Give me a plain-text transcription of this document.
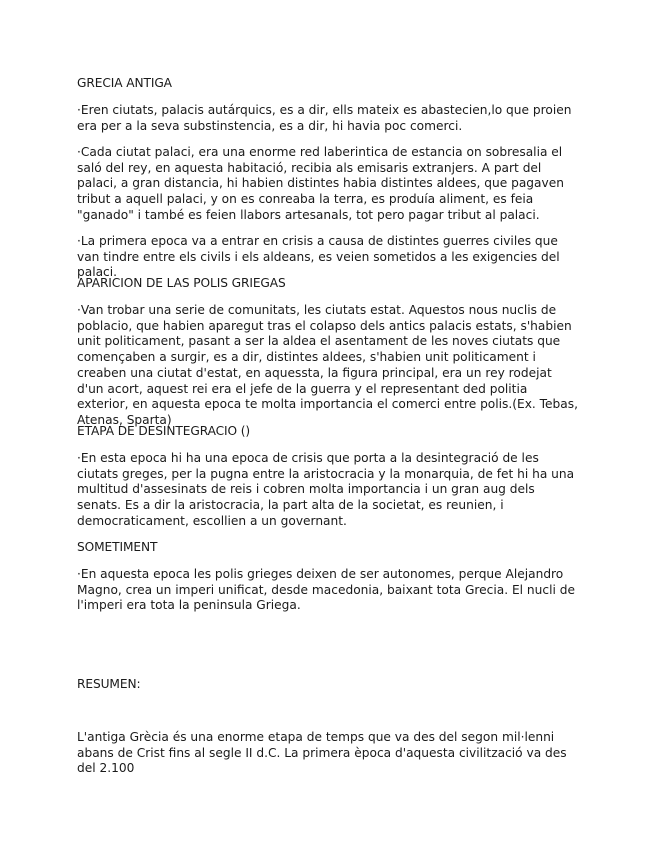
GRECIA ANTIGA

·Eren ciutats, palacis autárquics, es a dir, ells mateix es abastecien,lo que proien era per a la seva substinstencia, es a dir, hi havia poc comerci.

·Cada ciutat palaci, era una enorme red laberintica de estancia on sobresalia el saló del rey, en aquesta habitació, recibia als emisaris extranjers. A part del palaci, a gran distancia, hi habien distintes habia distintes aldees, que pagaven tribut a aquell palaci, y on es conreaba la terra, es produía aliment, es feia "ganado" i també es feien llabors artesanals, tot pero pagar tribut al palaci.

·La primera epoca va a entrar en crisis a causa de distintes guerres civiles que van tindre entre els civils i els aldeans, es veien sometidos a les exigencies del palaci.

APARICION DE LAS POLIS GRIEGAS

·Van trobar una serie de comunitats, les ciutats estat. Aquestos nous nuclis de poblacio, que habien aparegut tras el colapso dels antics palacis estats, s'habien unit politicament, pasant a ser la aldea el asentament de les noves ciutats que començaben a surgir, es a dir, distintes aldees, s'habien unit politicament i creaben una ciutat d'estat, en aquessta, la figura principal, era un rey rodejat d'un acort, aquest rei era el jefe de la guerra y el representant ded politia exterior, en aquesta epoca te molta importancia el comerci entre polis.(Ex. Tebas, Atenas, Sparta)

ETAPA DE DESINTEGRACIO ()

·En esta epoca hi ha una epoca de crisis que porta a la desintegració de les ciutats greges, per la pugna entre la aristocracia y la monarquia, de fet hi ha una multitud d'assesinats de reis i cobren molta importancia i un gran aug dels senats. Es a dir la aristocracia, la part alta de la societat, es reunien, i democraticament, escollien a un governant.

SOMETIMENT

·En aquesta epoca les polis grieges deixen de ser autonomes, perque Alejandro Magno, crea un imperi unificat, desde macedonia, baixant tota Grecia. El nucli de l'imperi era tota la peninsula Griega.

RESUMEN:

L'antiga Grècia és una enorme etapa de temps que va des del segon mil·lenni abans de Crist fins al segle II d.C. La primera època d'aquesta civilització va des del 2.100
